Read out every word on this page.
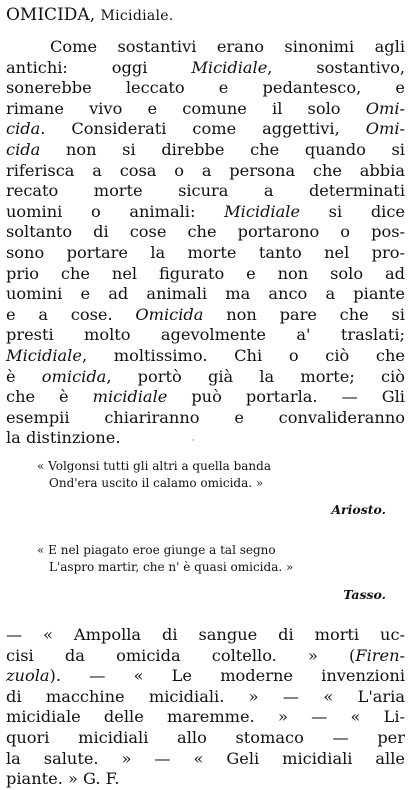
OMICIDA, Micidiale.
Come sostantivi erano sinonimi agli
antichi: oggi Micidiale, sostantivo,
sonerebbe leccato e pedantesco, e
rimane vivo e comune il solo Omi-
cida. Considerati come aggettivi, Omi-
cida non si direbbe che quando si
riferisca a cosa o a persona che abbia
recato morte sicura a determinati
uomini o animali: Micidiale si dice
soltanto di cose che portarono o pos-
sono portare la morte tanto nel pro-
prio che nel figurato e non solo ad
uomini e ad animali ma anco a piante
e a cose. Omicida non pare che si
presti molto agevolmente a' traslati;
Micidiale, moltissimo. Chi o ciò che
è omicida, portò già la morte; ciò
che è micidiale può portarla. — Gli
esempii chiariranno e convalideranno
la distinzione.	·
« Volgonsi tutti gli altri a quella banda
Ond'era uscito il calamo omicida. »
Ariosto.
« E nel piagato eroe giunge a tal segno
L'aspro martir, che n' è quasi omicida. »
Tasso.
— « Ampolla di sangue di morti uc-
cisi da omicida coltello. » (Firen-
zuola). — « Le moderne invenzioni
di macchine micidiali. » — « L'aria
micidiale delle maremme. » — « Li-
quori micidiali allo stomaco — per
la salute. » — « Geli micidiali alle
piante. » G. F.
